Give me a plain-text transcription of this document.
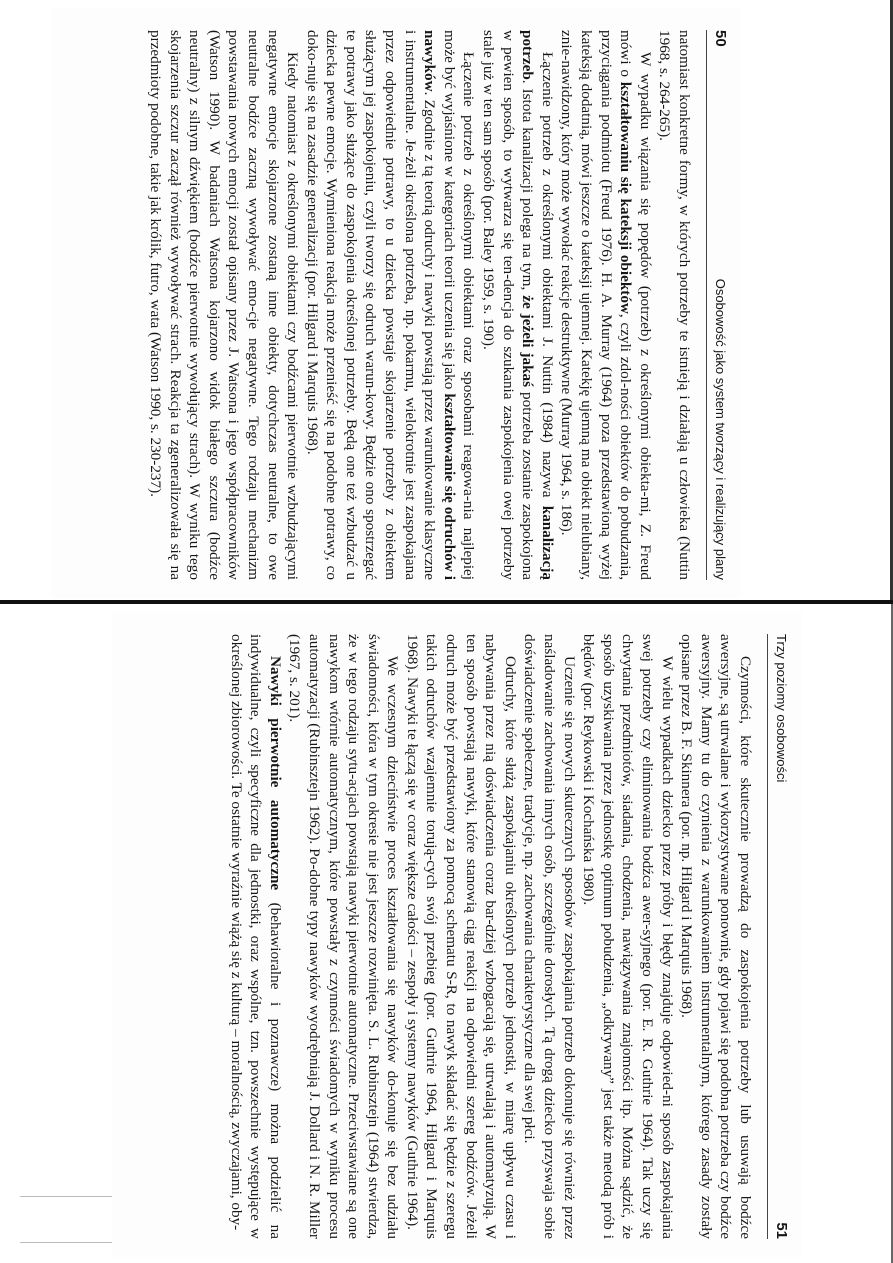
50
Osobowość jako system tworzący i realizujący plany

natomiast konkretne formy, w których potrzeby te istnieją i działają u człowieka (Nuttin 1968, s. 264-265).

W wypadku wiązania się popędów (potrzeb) z określonymi obiekta-mi, Z. Freud mówi o kształtowaniu się kateksji obiektów, czyli zdol-ności obiektów do pobudzania, przyciągania podmiotu (Freud 1976). H. A. Murray (1964) poza przedstawioną wyżej kateksją dodatnią, mówi jeszcze o kateksji ujemnej. Katekję ujemną ma obiekt nielubiany, znie-nawidzony, który może wywołać reakcje destruktywne (Murray 1964, s. 186).

Łączenie potrzeb z określonymi obiektami J. Nuttin (1984) nazywa kanalizacją potrzeb. Istota kanalizacji polega na tym, że jeżeli jakaś potrzeba zostanie zaspokojona w pewien sposób, to wytwarza się ten-dencja do szukania zaspokojenia owej potrzeby stale już w ten sam sposób (por. Baley 1959, s. 190).

Łączenie potrzeb z określonymi obiektami oraz sposobami reagowa-nia najlepiej może być wyjaśnione w kategoriach teorii uczenia się jako kształtowanie się odruchów i nawyków. Zgodnie z tą teorią odruchy i nawyki powstają przez warunkowanie klasyczne i instrumentalne. Je-żeli określona potrzeba, np. pokarmu, wielokrotnie jest zaspokajana przez odpowiednie potrawy, to u dziecka powstaje skojarzenie potrzeby z obiektem służącym jej zaspokojeniu, czyli tworzy się odruch warun-kowy. Będzie ono spostrzegać te potrawy jako służące do zaspokojenia określonej potrzeby. Będą one też wzbudzać u dziecka pewne emocje. Wymieniona reakcja może przenieść się na podobne potrawy, co doko-nuje się na zasadzie generalizacji (por. Hilgard i Marquis 1968).

Kiedy natomiast z określonymi obiektami czy bodźcami pierwotnie wzbudzającymi negatywne emocje skojarzone zostaną inne obiekty, dotychczas neutralne, to owe neutralne bodźce zaczną wywoływać emo-cje negatywne. Tego rodzaju mechanizm powstawania nowych emocji został opisany przez J. Watsona i jego współpracowników (Watson 1990). W badaniach Watsona kojarzono widok białego szczura (bodźce neutralny) z silnym dźwiękiem (bodźce pierwotnie wywołujący strach). W wyniku tego skojarzenia szczur zaczął również wywoływać strach. Reakcja ta zgeneralizowała się na przedmioty podobne, takie jak królik, futro, wata (Watson 1990, s. 230-237).

Trzy poziomy osobowości
51

Czynności, które skutecznie prowadzą do zaspokojenia potrzeby lub usuwają bodźce awersyjne, są utrwalane i wykorzystywane ponownie, gdy pojawi się podobna potrzeba czy bodźce awersyjny. Mamy tu do czynienia z warunkowaniem instrumentalnym, którego zasady zostały opisane przez B. F. Skinnera (por. np. Hilgard i Marquis 1968).

W wielu wypadkach dziecko przez próby i błędy znajduje odpowied-ni sposób zaspokajania swej potrzeby czy eliminowania bodźca awer-syjnego (por. E. R. Guthrie 1964). Tak uczy się chwytania przedmiotów, siadania, chodzenia, nawiązywania znajomości itp. Można sądzić, że sposób uzyskiwania przez jednostkę optimum pobudzenia, „odkrywany” jest także metodą prób i błędów (por. Reykowski i Kochańska 1980).

Uczenie się nowych skutecznych sposobów zaspokajania potrzeb dokonuje się również przez naśladowanie zachowania innych osób, szczególnie dorosłych. Tą drogą dziecko przyswaja sobie doświadczenie społeczne, tradycje, np. zachowania charakterystyczne dla swej płci.

Odruchy, które służą zaspokajaniu określonych potrzeb jednostki, w miarę upływu czasu i nabywania przez nią doświadczenia coraz bar-dziej wzbogacają się, utrwalają i automatyzują. W ten sposób powstają nawyki, które stanowią ciąg reakcji na odpowiedni szereg bodźców. Jeżeli odruch może być przedstawiony za pomocą schematu S-R, to nawyk składać się będzie z szeregu takich odruchów wzajemnie torują-cych swój przebieg (por. Guthrie 1964, Hilgard i Marquis 1968). Nawyki te łączą się w coraz większe całości – zespoły i systemy nawyków (Guthrie 1964).

We wczesnym dzieciństwie proces kształtowania się nawyków do-konuje się bez udziału świadomości, która w tym okresie nie jest jeszcze rozwinięta. S. L. Rubinsztejn (1964) stwierdza, że w tego rodzaju sytu-acjach powstają nawyki pierwotnie automatyczne. Przeciwstawiane są one nawykom wtórnie automatycznym, które powstały z czynności świadomych w wyniku procesu automatyzacji (Rubinsztejn 1962). Po-dobne typy nawyków wyodrębniają J. Dollard i N. R. Miller (1967, s. 201).

Nawyki pierwotnie automatyczne (behawioralne i poznawcze) można podzielić na indywidualne, czyli specyficzne dla jednostki, oraz wspólne, tzn. powszechnie występujące w określonej zbiorowości. Te ostatnie wyraźnie wiążą się z kulturą – moralnością, zwyczajami, oby-
